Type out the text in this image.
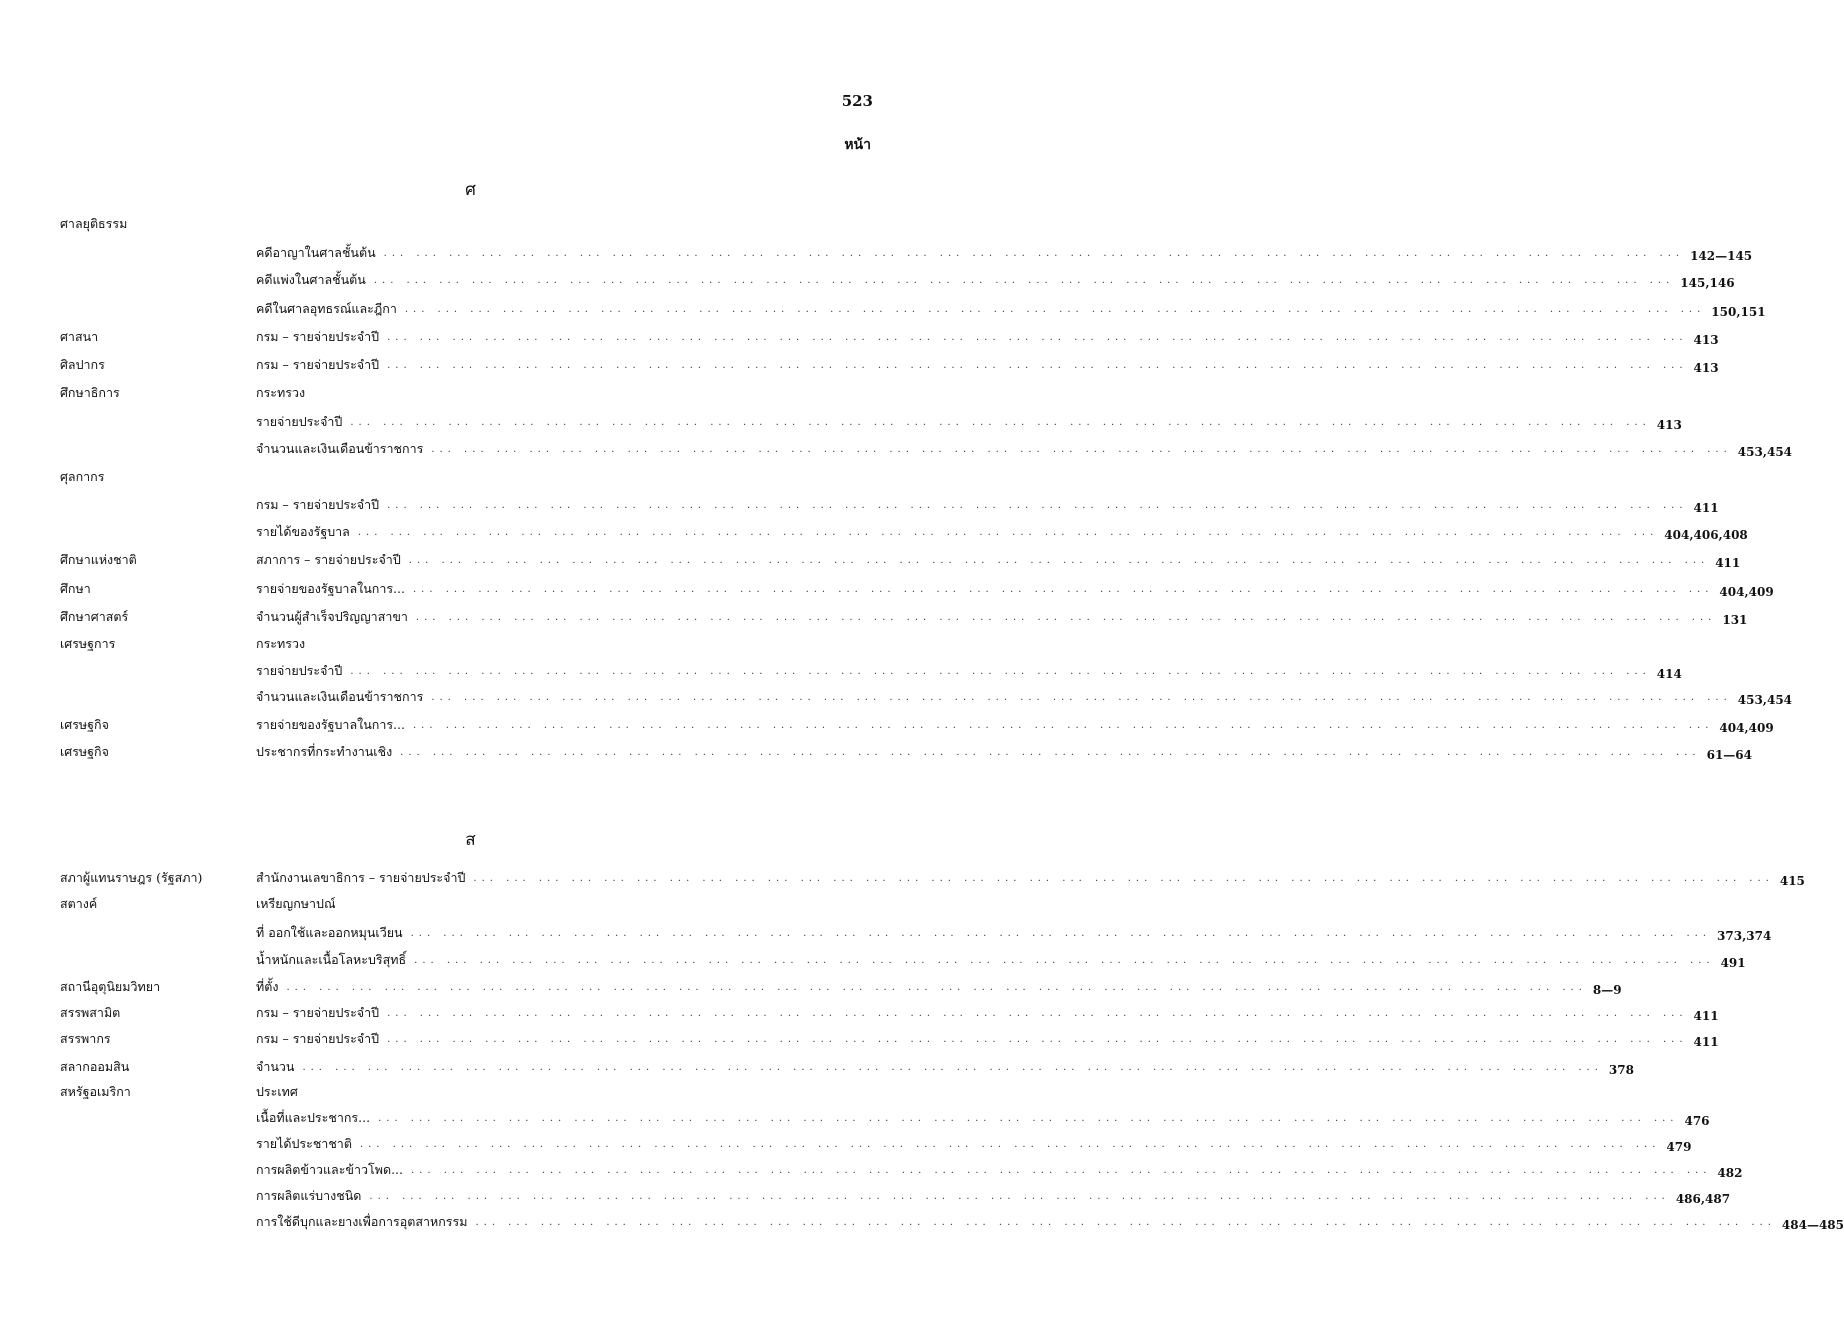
523
หน้า
ศ
ศาลยุติธรรม
คดีอาญาในศาลชั้นต้น ... ... ... ... ... ... ... ... ... ... ... ... ... ... ... ... ... ... ... ... ... ... ... ... ... ... ... ... ... ... ... ... ... ... ... ... ... ... ... ... 142—145
คดีแพ่งในศาลชั้นต้น ... ... ... ... ... ... ... ... ... ... ... ... ... ... ... ... ... ... ... ... ... ... ... ... ... ... ... ... ... ... ... ... ... ... ... ... ... ... ... ... 145,146
คดีในศาลอุทธรณ์และฎีกา ... ... ... ... ... ... ... ... ... ... ... ... ... ... ... ... ... ... ... ... ... ... ... ... ... ... ... ... ... ... ... ... ... ... ... ... ... ... ... ... 150,151
ศาสนา	กรม – รายจ่ายประจำปี ... ... ... ... ... ... ... ... ... ... ... ... ... ... ... ... ... ... ... ... ... ... ... ... ... ... ... ... ... ... ... ... ... ... ... ... ... ... ... ... 413
ศิลปากร	กรม – รายจ่ายประจำปี ... ... ... ... ... ... ... ... ... ... ... ... ... ... ... ... ... ... ... ... ... ... ... ... ... ... ... ... ... ... ... ... ... ... ... ... ... ... ... ... 413
ศึกษาธิการ	กระทรวง
รายจ่ายประจำปี ... ... ... ... ... ... ... ... ... ... ... ... ... ... ... ... ... ... ... ... ... ... ... ... ... ... ... ... ... ... ... ... ... ... ... ... ... ... ... ... 413
จำนวนและเงินเดือนข้าราชการ ... ... ... ... ... ... ... ... ... ... ... ... ... ... ... ... ... ... ... ... ... ... ... ... ... ... ... ... ... ... ... ... ... ... ... ... ... ... ... ... 453,454
ศุลกากร
กรม – รายจ่ายประจำปี ... ... ... ... ... ... ... ... ... ... ... ... ... ... ... ... ... ... ... ... ... ... ... ... ... ... ... ... ... ... ... ... ... ... ... ... ... ... ... ... 411
รายได้ของรัฐบาล ... ... ... ... ... ... ... ... ... ... ... ... ... ... ... ... ... ... ... ... ... ... ... ... ... ... ... ... ... ... ... ... ... ... ... ... ... ... ... ... 404,406,408
ศึกษาแห่งชาติ	สภาการ – รายจ่ายประจำปี ... ... ... ... ... ... ... ... ... ... ... ... ... ... ... ... ... ... ... ... ... ... ... ... ... ... ... ... ... ... ... ... ... ... ... ... ... ... ... ... 411
ศึกษา	รายจ่ายของรัฐบาลในการ... ... ... ... ... ... ... ... ... ... ... ... ... ... ... ... ... ... ... ... ... ... ... ... ... ... ... ... ... ... ... ... ... ... ... ... ... ... ... ... ... 404,409
ศึกษาศาสตร์	จำนวนผู้สำเร็จปริญญาสาขา ... ... ... ... ... ... ... ... ... ... ... ... ... ... ... ... ... ... ... ... ... ... ... ... ... ... ... ... ... ... ... ... ... ... ... ... ... ... ... ... 131
เศรษฐการ	กระทรวง
รายจ่ายประจำปี ... ... ... ... ... ... ... ... ... ... ... ... ... ... ... ... ... ... ... ... ... ... ... ... ... ... ... ... ... ... ... ... ... ... ... ... ... ... ... ... 414
จำนวนและเงินเดือนข้าราชการ ... ... ... ... ... ... ... ... ... ... ... ... ... ... ... ... ... ... ... ... ... ... ... ... ... ... ... ... ... ... ... ... ... ... ... ... ... ... ... ... 453,454
เศรษฐกิจ	รายจ่ายของรัฐบาลในการ... ... ... ... ... ... ... ... ... ... ... ... ... ... ... ... ... ... ... ... ... ... ... ... ... ... ... ... ... ... ... ... ... ... ... ... ... ... ... ... ... 404,409
เศรษฐกิจ	ประชากรที่กระทำงานเชิง ... ... ... ... ... ... ... ... ... ... ... ... ... ... ... ... ... ... ... ... ... ... ... ... ... ... ... ... ... ... ... ... ... ... ... ... ... ... ... ... 61—64
ส
สภาผู้แทนราษฎร (รัฐสภา)	สำนักงานเลขาธิการ – รายจ่ายประจำปี ... ... ... ... ... ... ... ... ... ... ... ... ... ... ... ... ... ... ... ... ... ... ... ... ... ... ... ... ... ... ... ... ... ... ... ... ... ... ... ... 415
สตางค์	เหรียญกษาปณ์
ที่ ออกใช้และออกหมุนเวียน ... ... ... ... ... ... ... ... ... ... ... ... ... ... ... ... ... ... ... ... ... ... ... ... ... ... ... ... ... ... ... ... ... ... ... ... ... ... ... ... 373,374
น้ำหนักและเนื้อโลหะบริสุทธิ์ ... ... ... ... ... ... ... ... ... ... ... ... ... ... ... ... ... ... ... ... ... ... ... ... ... ... ... ... ... ... ... ... ... ... ... ... ... ... ... ... 491
สถานีอุตุนิยมวิทยา	ที่ตั้ง ... ... ... ... ... ... ... ... ... ... ... ... ... ... ... ... ... ... ... ... ... ... ... ... ... ... ... ... ... ... ... ... ... ... ... ... ... ... ... ... 8—9
สรรพสามิต	กรม – รายจ่ายประจำปี ... ... ... ... ... ... ... ... ... ... ... ... ... ... ... ... ... ... ... ... ... ... ... ... ... ... ... ... ... ... ... ... ... ... ... ... ... ... ... ... 411
สรรพากร	กรม – รายจ่ายประจำปี ... ... ... ... ... ... ... ... ... ... ... ... ... ... ... ... ... ... ... ... ... ... ... ... ... ... ... ... ... ... ... ... ... ... ... ... ... ... ... ... 411
สลากออมสิน	จำนวน ... ... ... ... ... ... ... ... ... ... ... ... ... ... ... ... ... ... ... ... ... ... ... ... ... ... ... ... ... ... ... ... ... ... ... ... ... ... ... ... 378
สหรัฐอเมริกา	ประเทศ
เนื้อที่และประชากร... ... ... ... ... ... ... ... ... ... ... ... ... ... ... ... ... ... ... ... ... ... ... ... ... ... ... ... ... ... ... ... ... ... ... ... ... ... ... ... ... 476
รายได้ประชาชาติ ... ... ... ... ... ... ... ... ... ... ... ... ... ... ... ... ... ... ... ... ... ... ... ... ... ... ... ... ... ... ... ... ... ... ... ... ... ... ... ... 479
การผลิตข้าวและข้าวโพด... ... ... ... ... ... ... ... ... ... ... ... ... ... ... ... ... ... ... ... ... ... ... ... ... ... ... ... ... ... ... ... ... ... ... ... ... ... ... ... ... 482
การผลิตแร่บางชนิด ... ... ... ... ... ... ... ... ... ... ... ... ... ... ... ... ... ... ... ... ... ... ... ... ... ... ... ... ... ... ... ... ... ... ... ... ... ... ... ... 486,487
การใช้ดีบุกและยางเพื่อการอุตสาหกรรม ... ... ... ... ... ... ... ... ... ... ... ... ... ... ... ... ... ... ... ... ... ... ... ... ... ... ... ... ... ... ... ... ... ... ... ... ... ... ... ... 484—485
